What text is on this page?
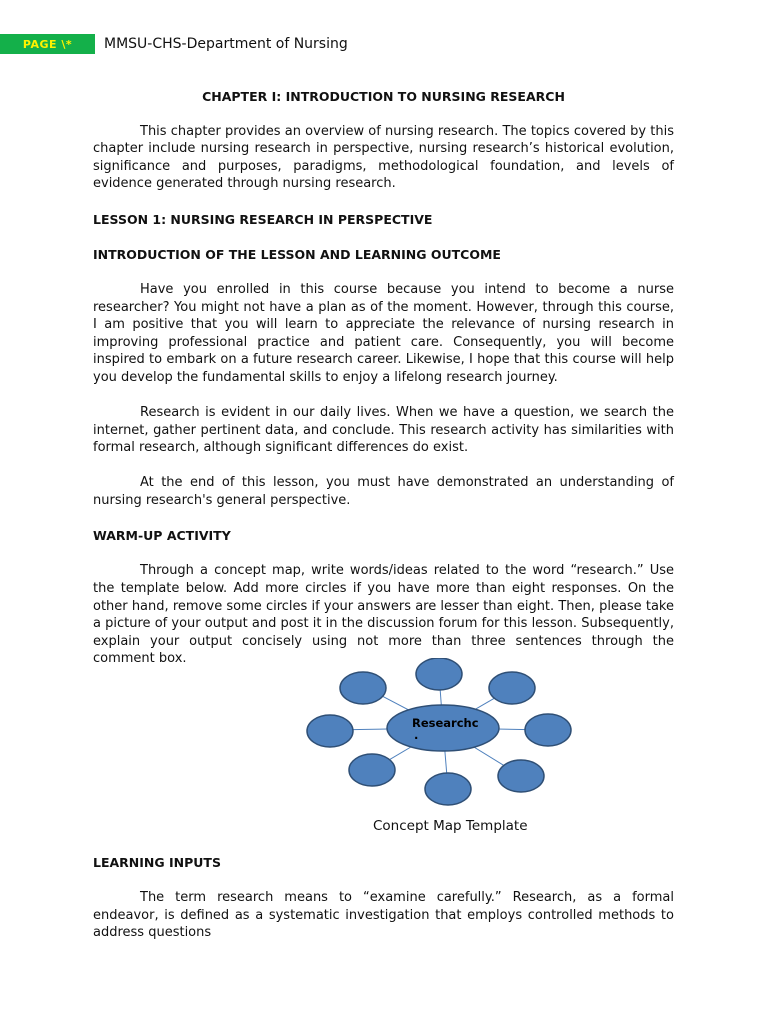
PAGE \*	MMSU-CHS-Department of Nursing

CHAPTER I: INTRODUCTION TO NURSING RESEARCH

This chapter provides an overview of nursing research. The topics covered by this chapter include nursing research in perspective, nursing research’s historical evolution, significance and purposes, paradigms, methodological foundation, and levels of evidence generated through nursing research.

LESSON 1: NURSING RESEARCH IN PERSPECTIVE

INTRODUCTION OF THE LESSON AND LEARNING OUTCOME

Have you enrolled in this course because you intend to become a nurse researcher? You might not have a plan as of the moment. However, through this course, I am positive that you will learn to appreciate the relevance of nursing research in improving professional practice and patient care. Consequently, you will become inspired to embark on a future research career. Likewise, I hope that this course will help you develop the fundamental skills to enjoy a lifelong research journey.

Research is evident in our daily lives. When we have a question, we search the internet, gather pertinent data, and conclude. This research activity has similarities with formal research, although significant differences do exist.

At the end of this lesson, you must have demonstrated an understanding of nursing research's general perspective.

WARM-UP ACTIVITY

Through a concept map, write words/ideas related to the word “research.” Use the template below. Add more circles if you have more than eight responses. On the other hand, remove some circles if your answers are lesser than eight. Then, please take a picture of your output and post it in the discussion forum for this lesson. Subsequently, explain your output concisely using not more than three sentences through the comment box.

Researchc
.
Concept Map Template

LEARNING INPUTS

The term research means to “examine carefully.” Research, as a formal endeavor, is defined as a systematic investigation that employs controlled methods to address questions
